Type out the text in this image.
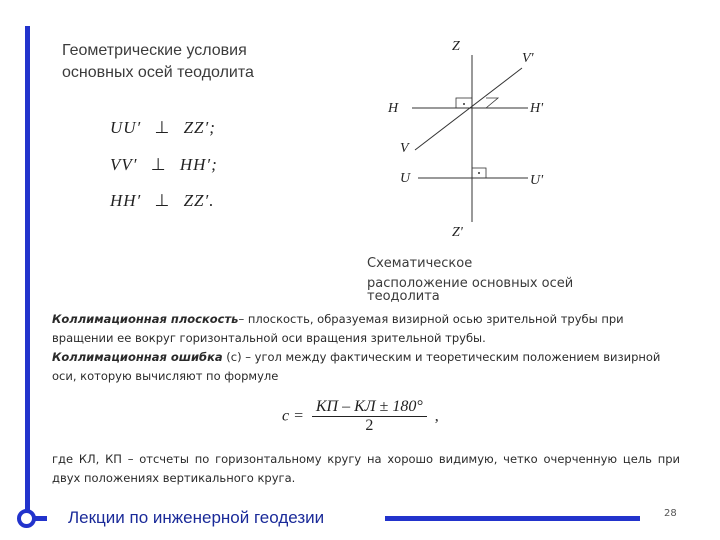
Геометрические условия
основных осей теодолита
UU′ ⊥ ZZ′;
VV′ ⊥ HH′;
HH′ ⊥ ZZ′.
Z
V'
H	H'
V
U	U'
Z'
Схематическое
расположение основных осей
теодолита
Коллимационная плоскость– плоскость, образуемая визирной осью зрительной трубы при вращении ее вокруг горизонтальной оси вращения зрительной трубы.
Коллимационная ошибка (с) – угол между фактическим и теоретическим положением визирной оси, которую вычисляют по формуле
c =
КП – КЛ ± 180°
2
,
где КЛ, КП – отсчеты по горизонтальному кругу на хорошо видимую, четко очерченную цель при двух положениях вертикального круга.
Лекции по инженерной геодезии	28
